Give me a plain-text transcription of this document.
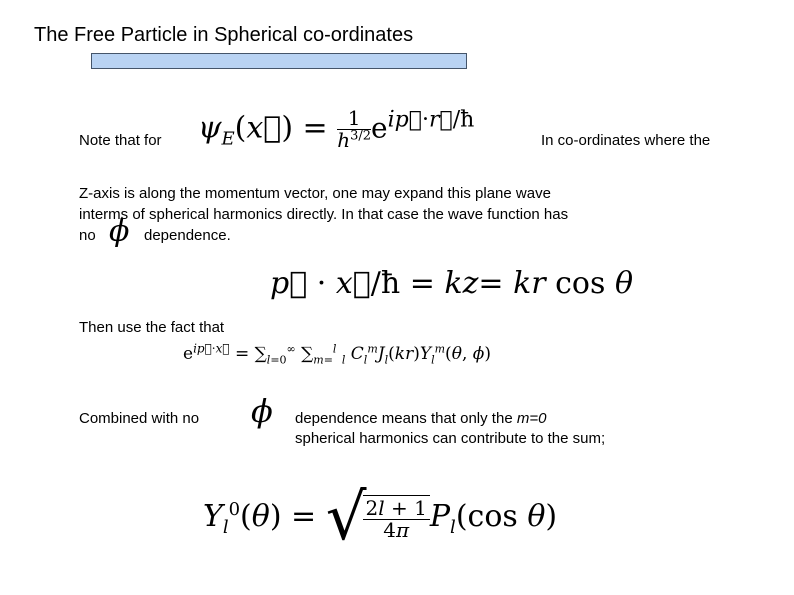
The Free Particle in Spherical co-ordinates
Note that for $\psi_E(x⃗) = \frac{1}{h^{3/2}} e^{ip⃗\cdot r⃗/ħ}$
In co-ordinates where the
Z-axis is along the momentum vector, one may expand this plane wave
interms of spherical harmonics directly. In that case the wave function has
no ϕ dependence.
p⃗ · x⃗/ħ = kz= kr cos θ
Then use the fact that
$e^{ip⃗\cdot x⃗} = \sum_{l=0}^\infty$ $\sum_{m=}^l$ $_l$ $C_l^mJ_l(kr)Y_l^m(\theta$, ϕ)
Combined with no ϕ dependence means that only the m=0
spherical harmonics can contribute to the sum;
$Y_l^0(\theta)$ = √
$\frac{2l + 1}{4\pi} P_l(\cos$ θ)
